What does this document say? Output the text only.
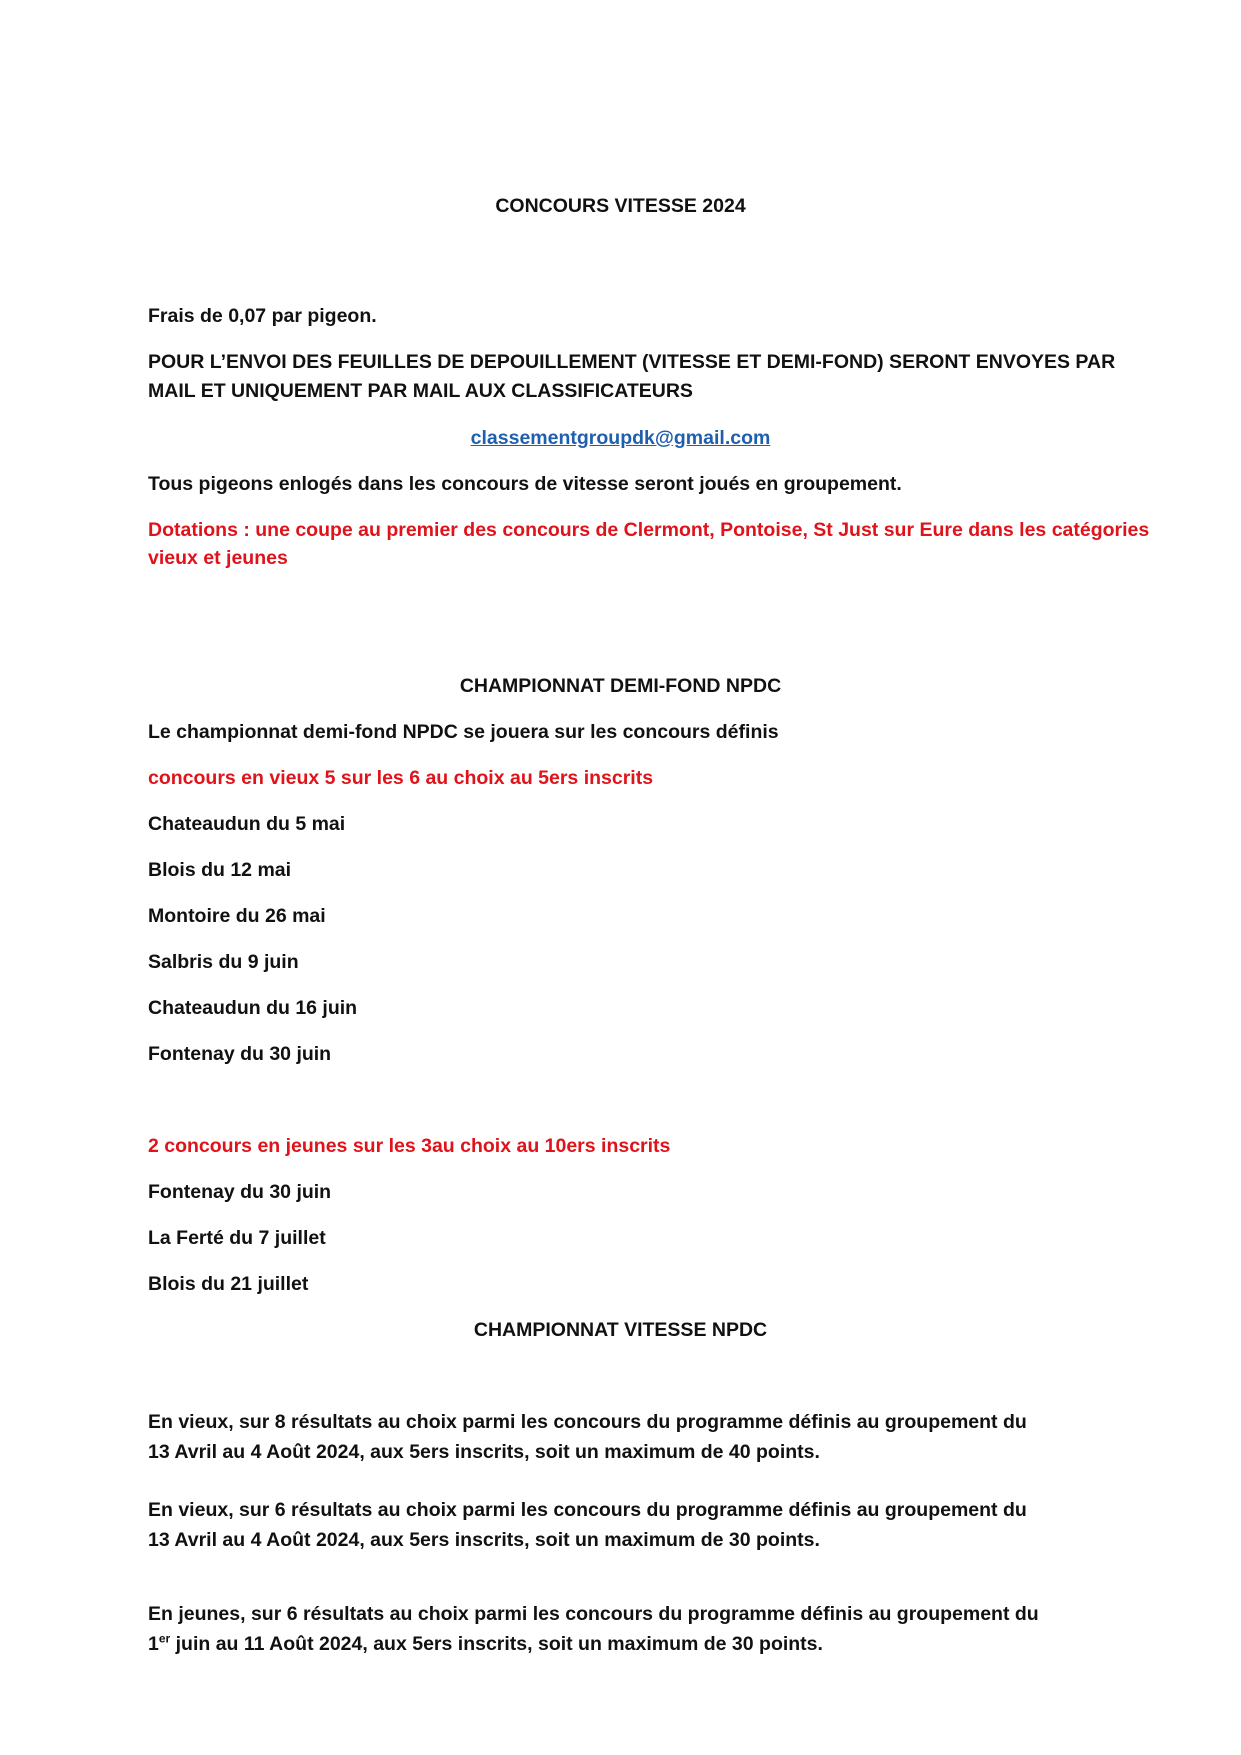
CONCOURS VITESSE 2024
Frais de 0,07 par pigeon.
POUR L’ENVOI DES FEUILLES DE DEPOUILLEMENT (VITESSE ET DEMI-FOND) SERONT ENVOYES PAR
MAIL ET UNIQUEMENT PAR MAIL AUX CLASSIFICATEURS
classementgroupdk@gmail.com
Tous pigeons enlogés dans les concours de vitesse seront joués en groupement.
Dotations : une coupe au premier des concours de Clermont, Pontoise, St Just sur Eure dans les catégories
vieux et jeunes
CHAMPIONNAT DEMI-FOND NPDC
Le championnat demi-fond NPDC se jouera sur les concours définis
concours en vieux 5 sur les 6 au choix au 5ers inscrits
Chateaudun du 5 mai
Blois du 12 mai
Montoire du 26 mai
Salbris du 9 juin
Chateaudun du 16 juin
Fontenay du 30 juin
2 concours en jeunes sur les 3au choix au 10ers inscrits
Fontenay du 30 juin
La Ferté du 7 juillet
Blois du 21 juillet
CHAMPIONNAT VITESSE NPDC
En vieux, sur 8 résultats au choix parmi les concours du programme définis au groupement du
13 Avril au 4 Août 2024, aux 5ers inscrits, soit un maximum de 40 points.
En vieux, sur 6 résultats au choix parmi les concours du programme définis au groupement du
13 Avril au 4 Août 2024, aux 5ers inscrits, soit un maximum de 30 points.
En jeunes, sur 6 résultats au choix parmi les concours du programme définis au groupement du
1er juin au 11 Août 2024, aux 5ers inscrits, soit un maximum de 30 points.
